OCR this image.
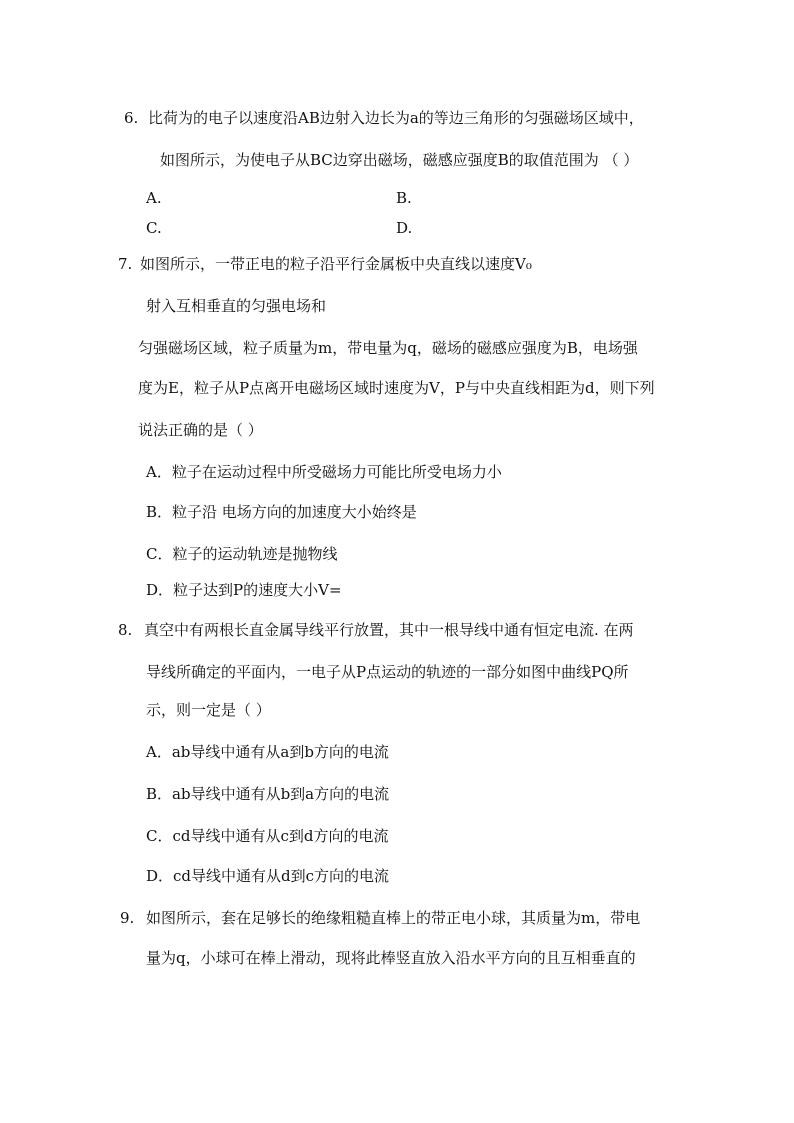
6. 比荷为的电子以速度沿AB边射入边长为a的等边三角形的匀强磁场区域中，
如图所示，为使电子从BC边穿出磁场，磁感应强度B的取值范围为 （ ）
A.	B.
C.	D.
7. 如图所示，一带正电的粒子沿平行金属板中央直线以速度V₀
射入互相垂直的匀强电场和
匀强磁场区域，粒子质量为m，带电量为q，磁场的磁感应强度为B，电场强
度为E，粒子从P点离开电磁场区域时速度为V，P与中央直线相距为d，则下列
说法正确的是（ ）
A．粒子在运动过程中所受磁场力可能比所受电场力小
B．粒子沿 电场方向的加速度大小始终是
C．粒子的运动轨迹是抛物线
D．粒子达到P的速度大小V=
8. 真空中有两根长直金属导线平行放置，其中一根导线中通有恒定电流. 在两
导线所确定的平面内，一电子从P点运动的轨迹的一部分如图中曲线PQ所
示，则一定是（ ）
A．ab导线中通有从a到b方向的电流
B．ab导线中通有从b到a方向的电流
C．cd导线中通有从c到d方向的电流
D．cd导线中通有从d到c方向的电流
9. 如图所示，套在足够长的绝缘粗糙直棒上的带正电小球，其质量为m，带电
量为q，小球可在棒上滑动，现将此棒竖直放入沿水平方向的且互相垂直的
